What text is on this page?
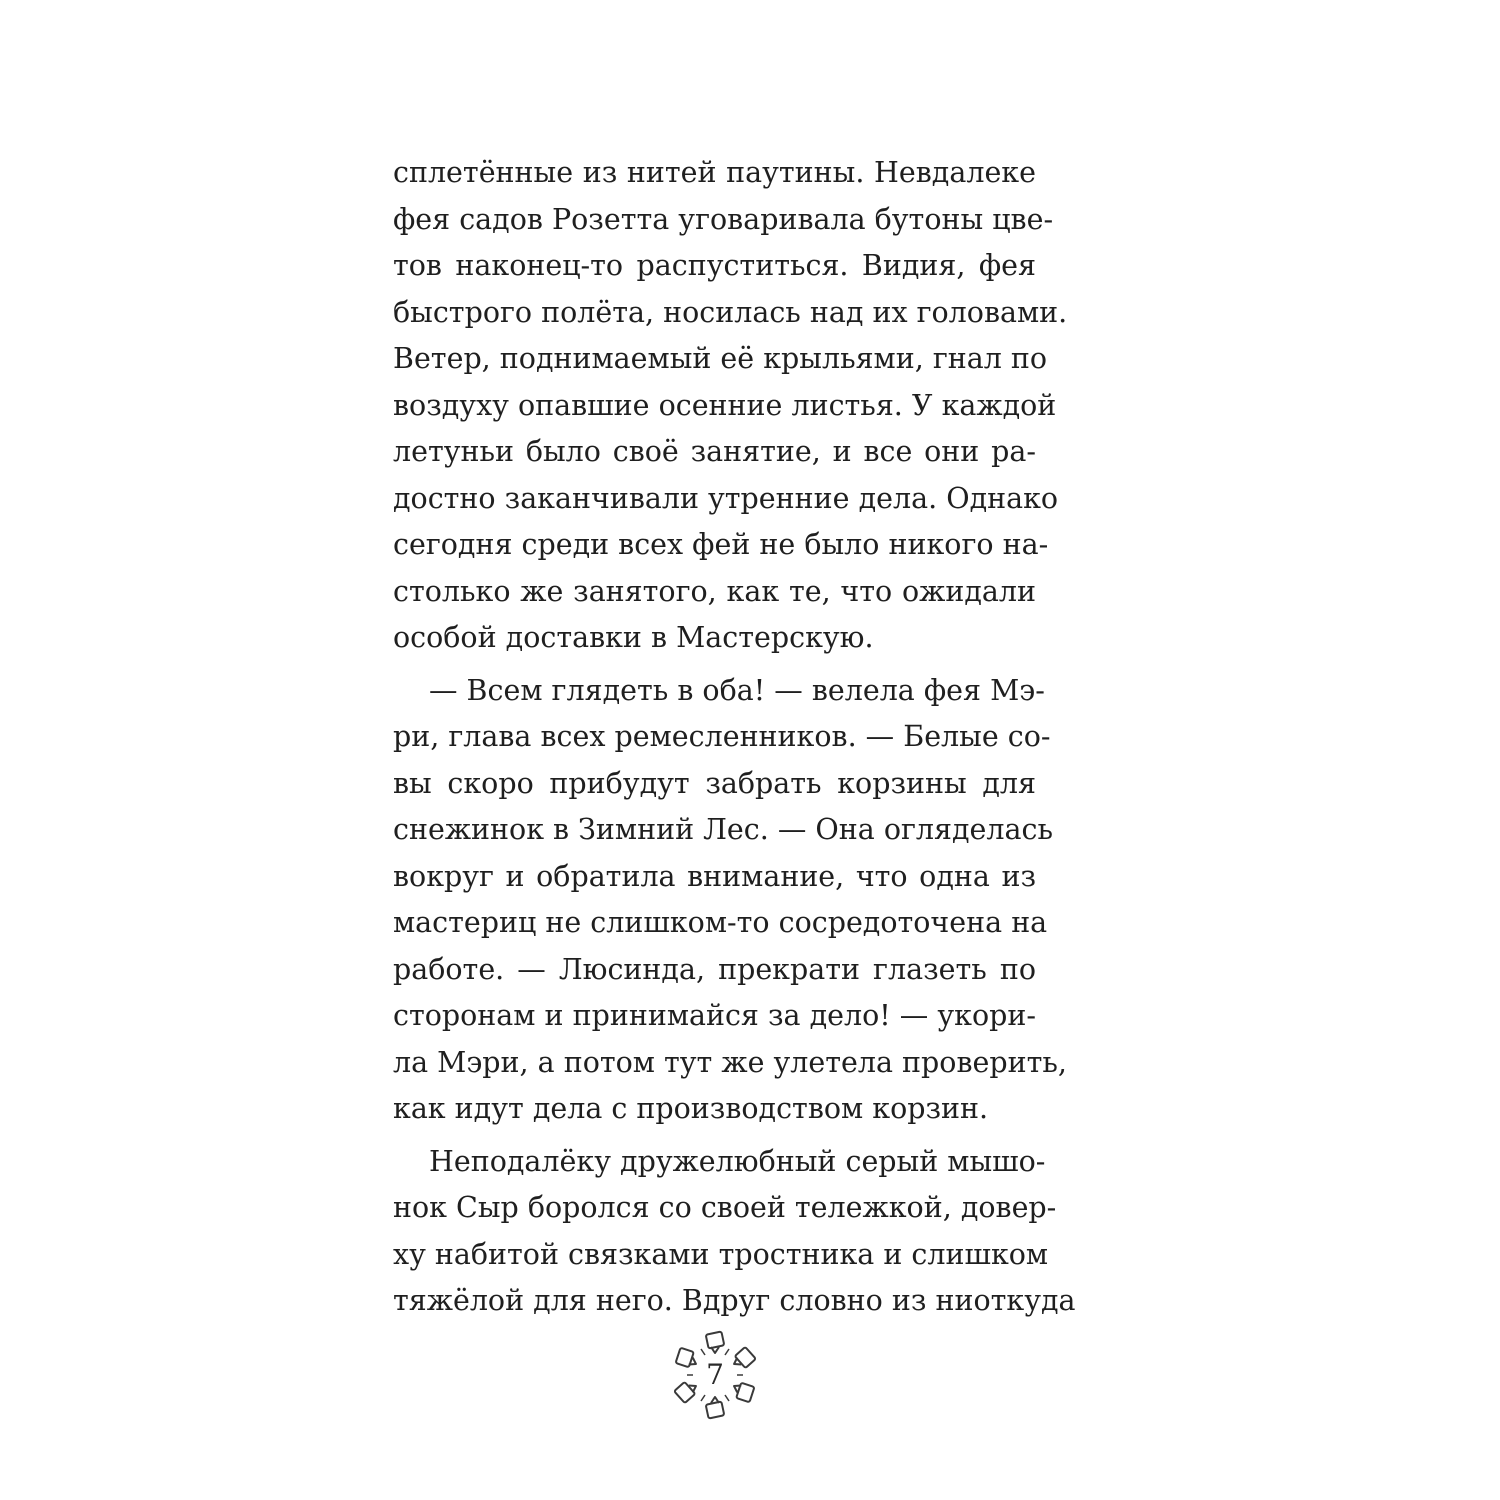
сплетённые из нитей паутины. Невдалеке
фея садов Розетта уговаривала бутоны цве-
тов наконец-то распуститься. Видия, фея
быстрого полёта, носилась над их головами.
Ветер, поднимаемый её крыльями, гнал по
воздуху опавшие осенние листья. У каждой
летуньи было своё занятие, и все они ра-
достно заканчивали утренние дела. Однако
сегодня среди всех фей не было никого на-
столько же занятого, как те, что ожидали
особой доставки в Мастерскую.
— Всем глядеть в оба! — велела фея Мэ-
ри, глава всех ремесленников. — Белые со-
вы скоро прибудут забрать корзины для
снежинок в Зимний Лес. — Она огляделась
вокруг и обратила внимание, что одна из
мастериц не слишком-то сосредоточена на
работе. — Люсинда, прекрати глазеть по
сторонам и принимайся за дело! — укори-
ла Мэри, а потом тут же улетела проверить,
как идут дела с производством корзин.
Неподалёку дружелюбный серый мышо-
нок Сыр боролся со своей тележкой, довер-
ху набитой связками тростника и слишком
тяжёлой для него. Вдруг словно из ниоткуда
7
